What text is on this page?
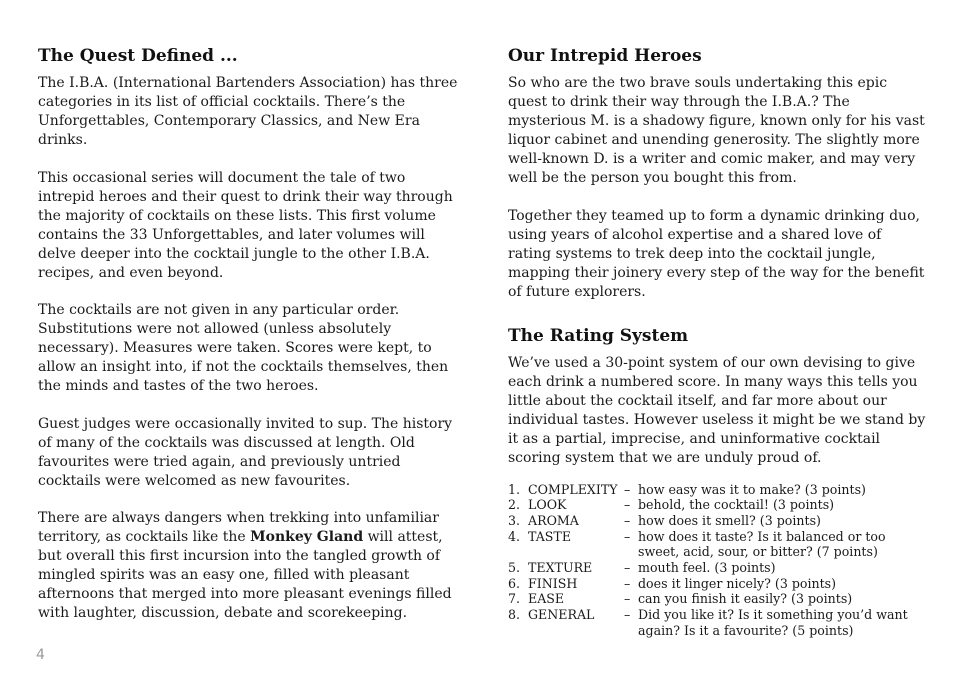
The Quest Defined ...

The I.B.A. (International Bartenders Association) has three categories in its list of official cocktails. There’s the Unforgettables, Contemporary Classics, and New Era drinks.

This occasional series will document the tale of two intrepid heroes and their quest to drink their way through the majority of cocktails on these lists. This first volume contains the 33 Unforgettables, and later volumes will delve deeper into the cocktail jungle to the other I.B.A. recipes, and even beyond.

The cocktails are not given in any particular order. Substitutions were not allowed (unless absolutely necessary). Measures were taken. Scores were kept, to allow an insight into, if not the cocktails themselves, then the minds and tastes of the two heroes.

Guest judges were occasionally invited to sup. The history of many of the cocktails was discussed at length. Old favourites were tried again, and previously untried cocktails were welcomed as new favourites.

There are always dangers when trekking into unfamiliar territory, as cocktails like the Monkey Gland will attest, but overall this first incursion into the tangled growth of mingled spirits was an easy one, filled with pleasant afternoons that merged into more pleasant evenings filled with laughter, discussion, debate and scorekeeping.

Our Intrepid Heroes

So who are the two brave souls undertaking this epic quest to drink their way through the I.B.A.? The mysterious M. is a shadowy figure, known only for his vast liquor cabinet and unending generosity. The slightly more well-known D. is a writer and comic maker, and may very well be the person you bought this from.

Together they teamed up to form a dynamic drinking duo, using years of alcohol expertise and a shared love of rating systems to trek deep into the cocktail jungle, mapping their joinery every step of the way for the benefit of future explorers.

The Rating System

We’ve used a 30-point system of our own devising to give each drink a numbered score. In many ways this tells you little about the cocktail itself, and far more about our individual tastes. However useless it might be we stand by it as a partial, imprecise, and uninformative cocktail scoring system that we are unduly proud of.

1. COMPLEXITY – how easy was it to make? (3 points)
2. LOOK	– behold, the cocktail! (3 points)
3. AROMA	– how does it smell? (3 points)
4. TASTE	– how does it taste? Is it balanced or too sweet, acid, sour, or bitter? (7 points)
5. TEXTURE	– mouth feel. (3 points)
6. FINISH	– does it linger nicely? (3 points)
7. EASE	– can you finish it easily? (3 points)
8. GENERAL	– Did you like it? Is it something you’d want again? Is it a favourite? (5 points)
4
